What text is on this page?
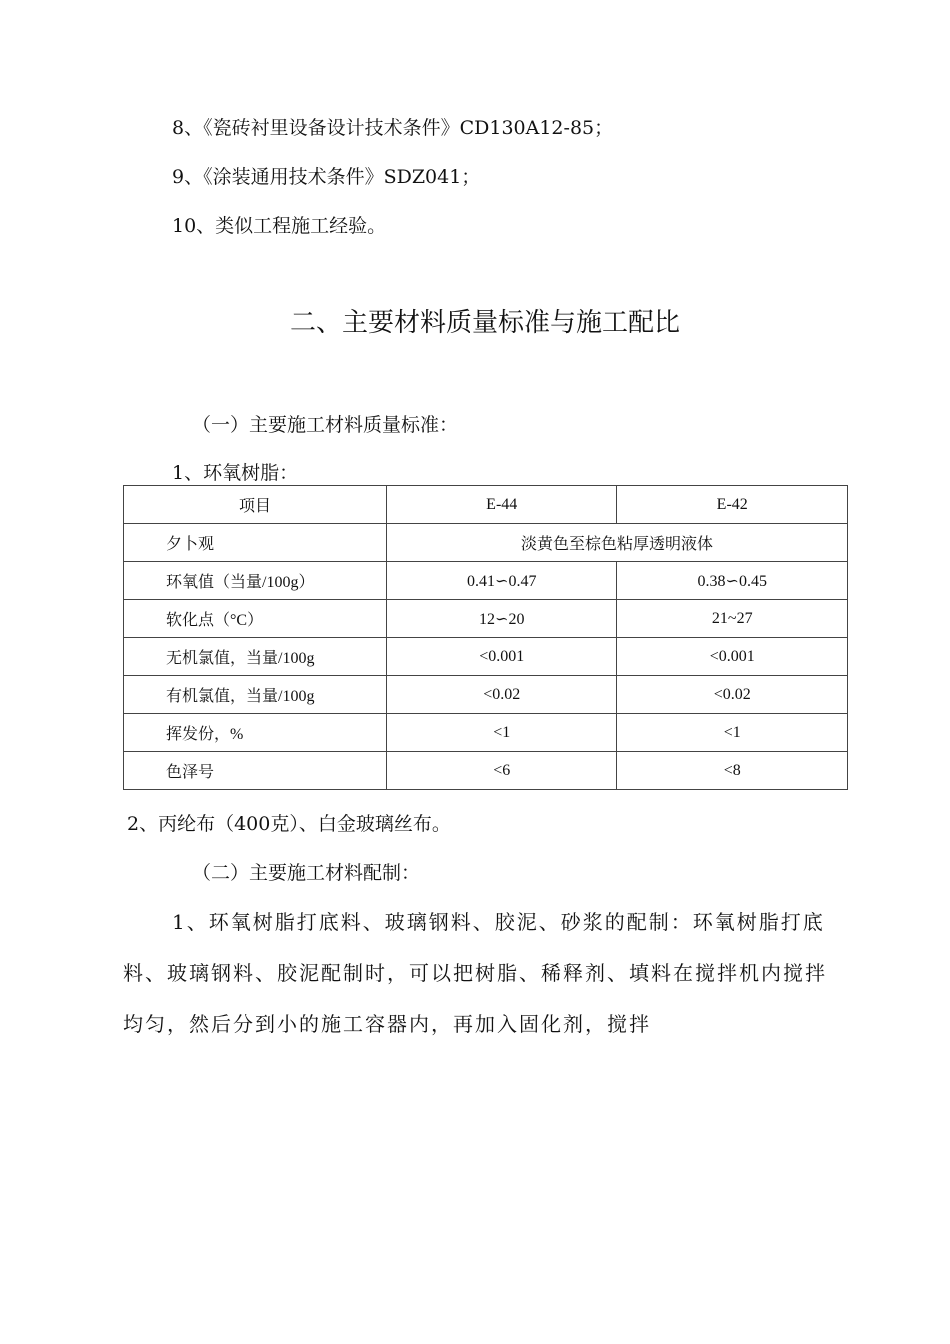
8、《瓷砖衬里设备设计技术条件》CD130A12-85；
9、《涂装通用技术条件》SDZ041；
10、类似工程施工经验。
二、主要材料质量标准与施工配比
（一）主要施工材料质量标准：
1、环氧树脂：
项目	E-44	E-42
夕卜观	淡黄色至棕色粘厚透明液体	
环氧值（当量/100g）	0.41∽0.47	0.38∽0.45
软化点（°C）	12∽20	21~27
无机氯值，当量/100g	<0.001	<0.001
有机氯值，当量/100g	<0.02	<0.02
挥发份，%	<1	<1
色泽号	<6	<8
2、丙纶布（400克）、白金玻璃丝布。
（二）主要施工材料配制：
1、环氧树脂打底料、玻璃钢料、胶泥、砂浆的配制：环氧树脂打底
料、玻璃钢料、胶泥配制时，可以把树脂、稀释剂、填料在搅拌机内搅拌
均匀，然后分到小的施工容器内，再加入固化剂，搅拌
